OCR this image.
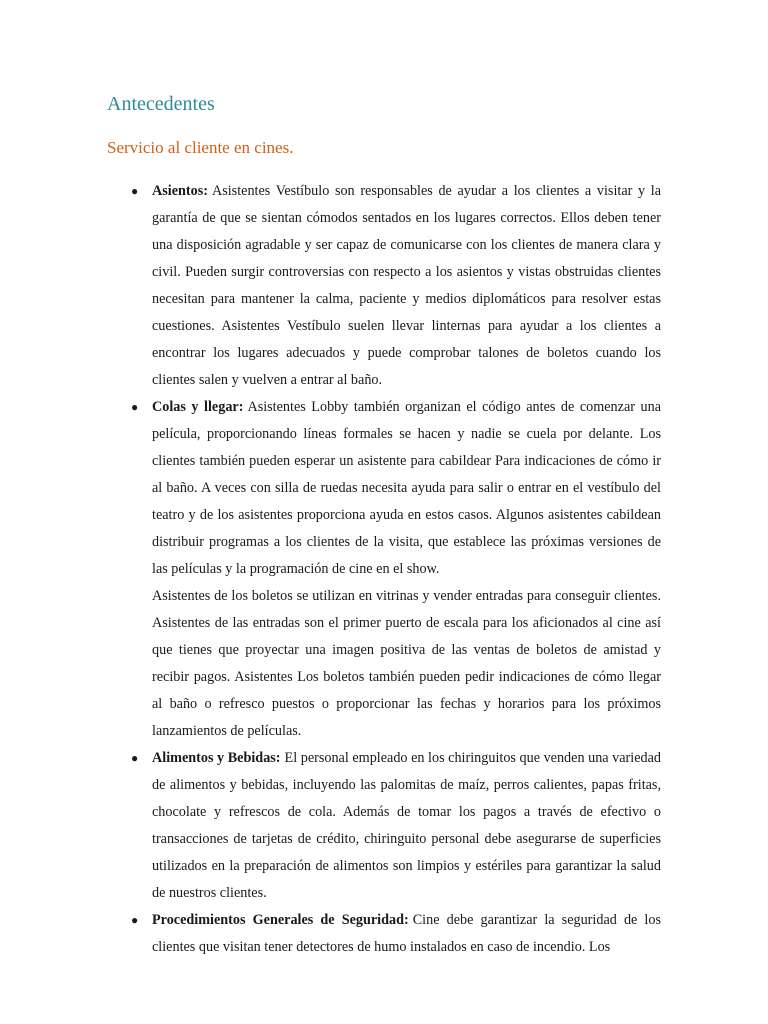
Antecedentes
Servicio al cliente en cines.

● Asientos: Asistentes Vestíbulo son responsables de ayudar a los clientes a visitar y la garantía de que se sientan cómodos sentados en los lugares correctos. Ellos deben tener una disposición agradable y ser capaz de comunicarse con los clientes de manera clara y civil. Pueden surgir controversias con respecto a los asientos y vistas obstruidas clientes necesitan para mantener la calma, paciente y medios diplomáticos para resolver estas cuestiones. Asistentes Vestíbulo suelen llevar linternas para ayudar a los clientes a encontrar los lugares adecuados y puede comprobar talones de boletos cuando los clientes salen y vuelven a entrar al baño.

● Colas y llegar: Asistentes Lobby también organizan el código antes de comenzar una película, proporcionando líneas formales se hacen y nadie se cuela por delante. Los clientes también pueden esperar un asistente para cabildear Para indicaciones de cómo ir al baño. A veces con silla de ruedas necesita ayuda para salir o entrar en el vestíbulo del teatro y de los asistentes proporciona ayuda en estos casos. Algunos asistentes cabildean distribuir programas a los clientes de la visita, que establece las próximas versiones de las películas y la programación de cine en el show.

Asistentes de los boletos se utilizan en vitrinas y vender entradas para conseguir clientes. Asistentes de las entradas son el primer puerto de escala para los aficionados al cine así que tienes que proyectar una imagen positiva de las ventas de boletos de amistad y recibir pagos. Asistentes Los boletos también pueden pedir indicaciones de cómo llegar al baño o refresco puestos o proporcionar las fechas y horarios para los próximos lanzamientos de películas.

● Alimentos y Bebidas: El personal empleado en los chiringuitos que venden una variedad de alimentos y bebidas, incluyendo las palomitas de maíz, perros calientes, papas fritas, chocolate y refrescos de cola. Además de tomar los pagos a través de efectivo o transacciones de tarjetas de crédito, chiringuito personal debe asegurarse de superficies utilizados en la preparación de alimentos son limpios y estériles para garantizar la salud de nuestros clientes.

● Procedimientos Generales de Seguridad: Cine debe garantizar la seguridad de los clientes que visitan tener detectores de humo instalados en caso de incendio. Los
